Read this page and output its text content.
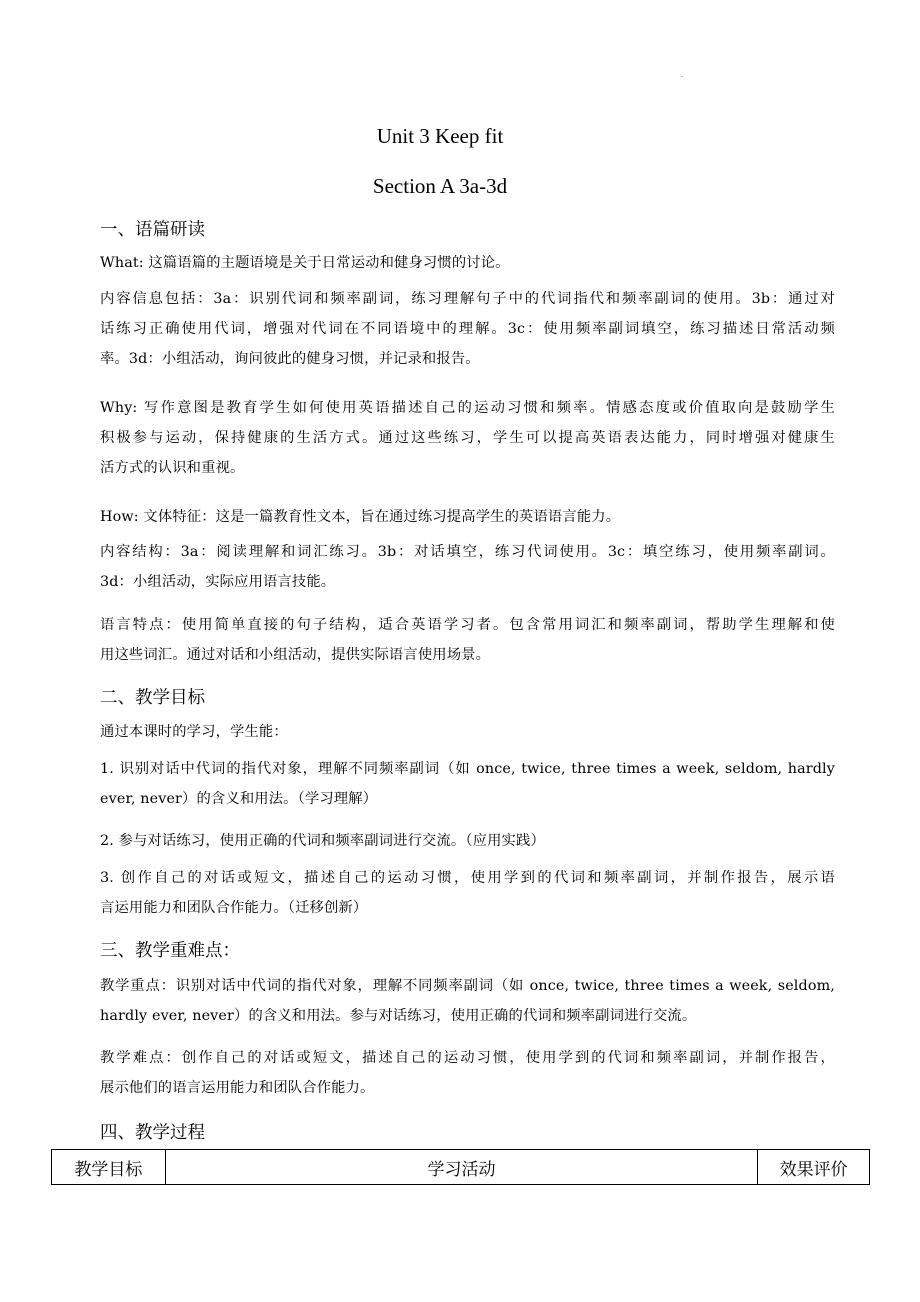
Unit 3 Keep fit
Section A 3a-3d
一、语篇研读
What: 这篇语篇的主题语境是关于日常运动和健身习惯的讨论。
内容信息包括：3a：识别代词和频率副词，练习理解句子中的代词指代和频率副词的使用。3b：通过对
话练习正确使用代词，增强对代词在不同语境中的理解。3c：使用频率副词填空，练习描述日常活动频
率。3d：小组活动，询问彼此的健身习惯，并记录和报告。
Why: 写作意图是教育学生如何使用英语描述自己的运动习惯和频率。情感态度或价值取向是鼓励学生
积极参与运动，保持健康的生活方式。通过这些练习，学生可以提高英语表达能力，同时增强对健康生
活方式的认识和重视。
How: 文体特征：这是一篇教育性文本，旨在通过练习提高学生的英语语言能力。
内容结构：3a：阅读理解和词汇练习。3b：对话填空，练习代词使用。3c：填空练习，使用频率副词。
3d：小组活动，实际应用语言技能。
语言特点：使用简单直接的句子结构，适合英语学习者。包含常用词汇和频率副词，帮助学生理解和使
用这些词汇。通过对话和小组活动，提供实际语言使用场景。
二、教学目标
通过本课时的学习，学生能：
1. 识别对话中代词的指代对象，理解不同频率副词（如 once, twice, three times a week, seldom, hardly
ever, never）的含义和用法。（学习理解）
2. 参与对话练习，使用正确的代词和频率副词进行交流。（应用实践）
3. 创作自己的对话或短文，描述自己的运动习惯，使用学到的代词和频率副词，并制作报告，展示语
言运用能力和团队合作能力。（迁移创新）
三、教学重难点：
教学重点：识别对话中代词的指代对象，理解不同频率副词（如 once, twice, three times a week, seldom,
hardly ever, never）的含义和用法。参与对话练习，使用正确的代词和频率副词进行交流。
教学难点：创作自己的对话或短文，描述自己的运动习惯，使用学到的代词和频率副词，并制作报告，
展示他们的语言运用能力和团队合作能力。
四、教学过程
教学目标	学习活动	效果评价
